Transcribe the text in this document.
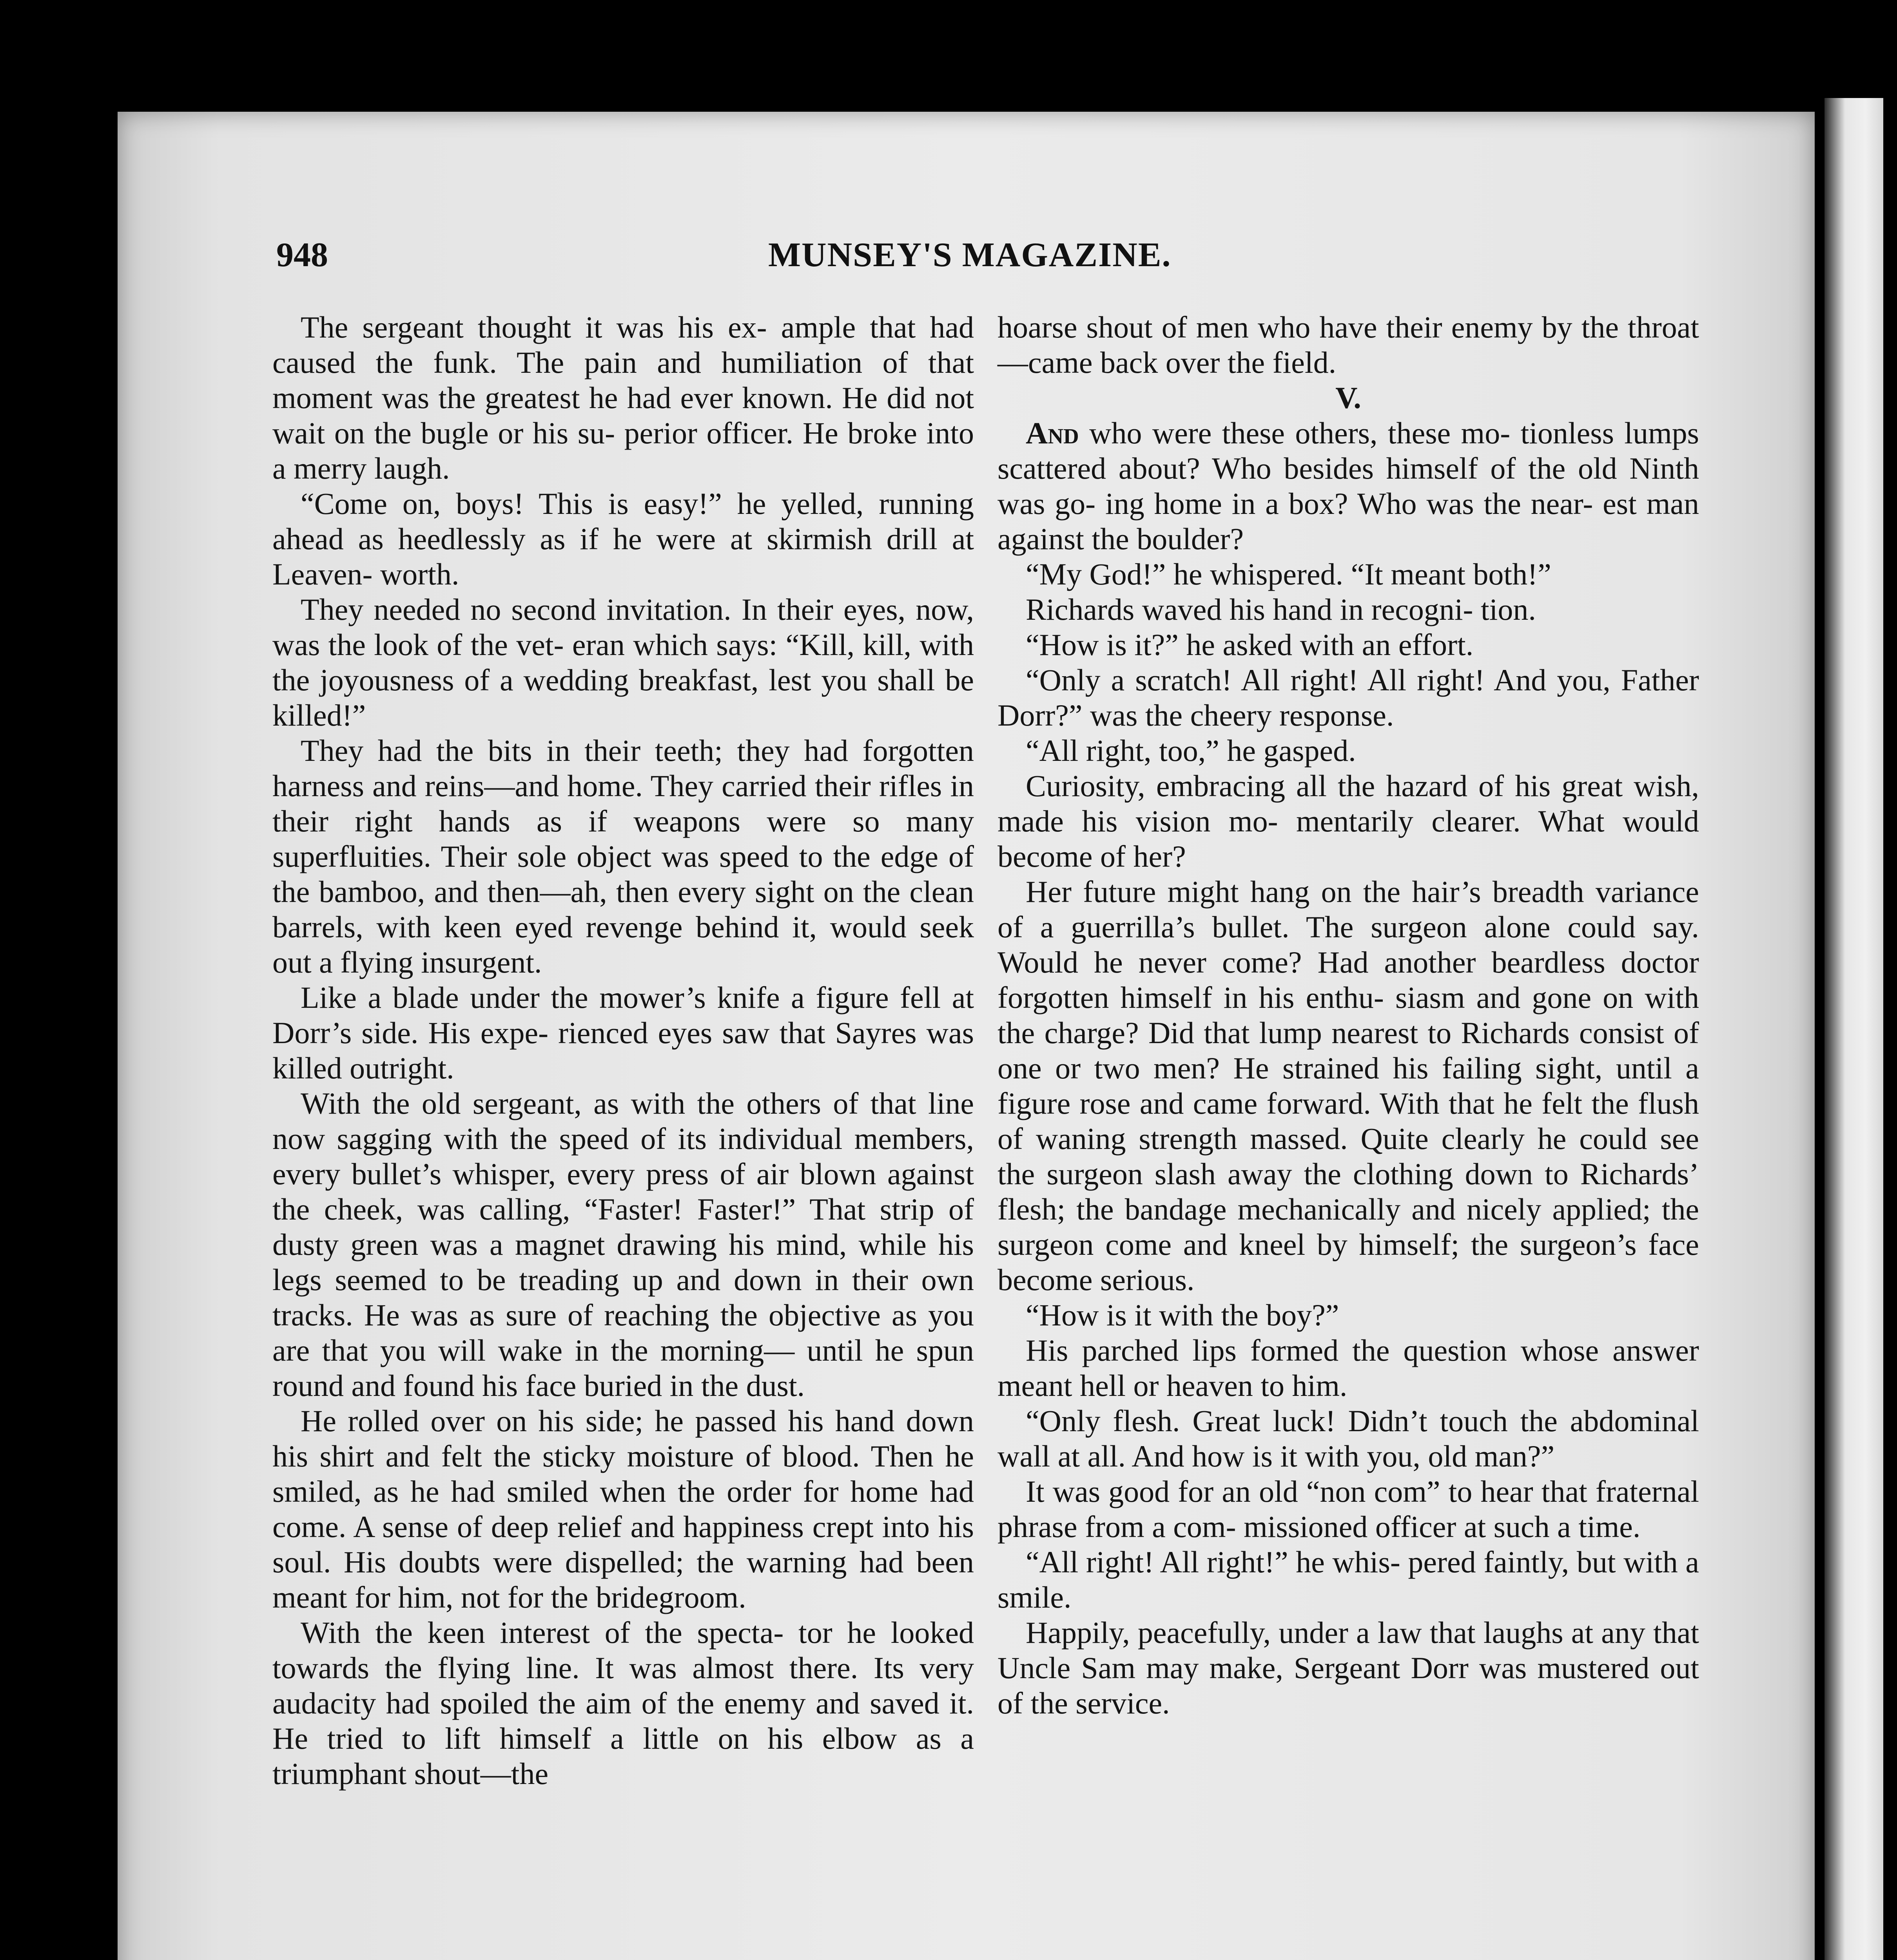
948	MUNSEY'S MAGAZINE.

The sergeant thought it was his ex- ample that had caused the funk. The pain and humiliation of that moment was the greatest he had ever known. He did not wait on the bugle or his su- perior officer. He broke into a merry laugh.

“Come on, boys! This is easy!” he yelled, running ahead as heedlessly as if he were at skirmish drill at Leaven- worth.

They needed no second invitation. In their eyes, now, was the look of the vet- eran which says: “Kill, kill, with the joyousness of a wedding breakfast, lest you shall be killed!”

They had the bits in their teeth; they had forgotten harness and reins—and home. They carried their rifles in their right hands as if weapons were so many superfluities. Their sole object was speed to the edge of the bamboo, and then—ah, then every sight on the clean barrels, with keen eyed revenge behind it, would seek out a flying insurgent.

Like a blade under the mower’s knife a figure fell at Dorr’s side. His expe- rienced eyes saw that Sayres was killed outright.

With the old sergeant, as with the others of that line now sagging with the speed of its individual members, every bullet’s whisper, every press of air blown against the cheek, was calling, “Faster! Faster!” That strip of dusty green was a magnet drawing his mind, while his legs seemed to be treading up and down in their own tracks. He was as sure of reaching the objective as you are that you will wake in the morning— until he spun round and found his face buried in the dust.

He rolled over on his side; he passed his hand down his shirt and felt the sticky moisture of blood. Then he smiled, as he had smiled when the order for home had come. A sense of deep relief and happiness crept into his soul. His doubts were dispelled; the warning had been meant for him, not for the bridegroom.

With the keen interest of the specta- tor he looked towards the flying line. It was almost there. Its very audacity had spoiled the aim of the enemy and saved it. He tried to lift himself a little on his elbow as a triumphant shout—the

hoarse shout of men who have their enemy by the throat—came back over the field.

V.

And who were these others, these mo- tionless lumps scattered about? Who besides himself of the old Ninth was go- ing home in a box? Who was the near- est man against the boulder?

“My God!” he whispered. “It meant both!”

Richards waved his hand in recogni- tion.

“How is it?” he asked with an effort.

“Only a scratch! All right! All right! And you, Father Dorr?” was the cheery response.

“All right, too,” he gasped.

Curiosity, embracing all the hazard of his great wish, made his vision mo- mentarily clearer. What would become of her?

Her future might hang on the hair’s breadth variance of a guerrilla’s bullet. The surgeon alone could say. Would he never come? Had another beardless doctor forgotten himself in his enthu- siasm and gone on with the charge? Did that lump nearest to Richards consist of one or two men? He strained his failing sight, until a figure rose and came forward. With that he felt the flush of waning strength massed. Quite clearly he could see the surgeon slash away the clothing down to Richards’ flesh; the bandage mechanically and nicely applied; the surgeon come and kneel by himself; the surgeon’s face become serious.

“How is it with the boy?”

His parched lips formed the question whose answer meant hell or heaven to him.

“Only flesh. Great luck! Didn’t touch the abdominal wall at all. And how is it with you, old man?”

It was good for an old “non com” to hear that fraternal phrase from a com- missioned officer at such a time.

“All right! All right!” he whis- pered faintly, but with a smile.

Happily, peacefully, under a law that laughs at any that Uncle Sam may make, Sergeant Dorr was mustered out of the service.
